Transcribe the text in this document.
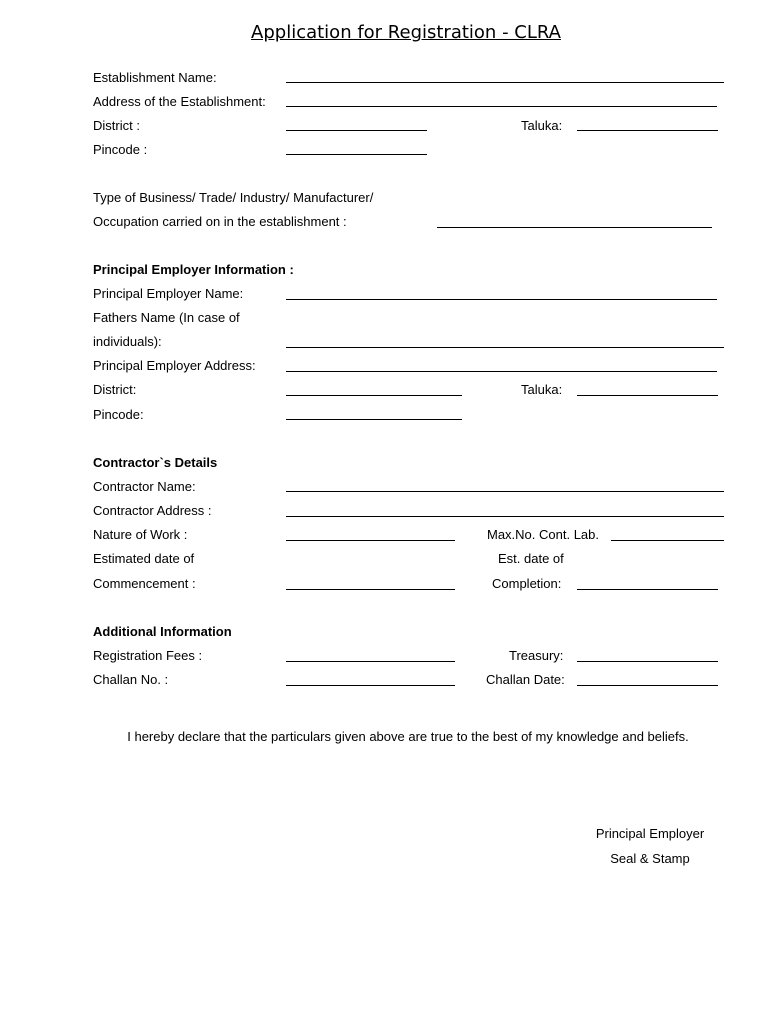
Application for Registration - CLRA
Establishment Name:
Address of the Establishment:
District :	Taluka:
Pincode :
Type of Business/ Trade/ Industry/ Manufacturer/
Occupation carried on in the establishment :
Principal Employer Information :
Principal Employer Name:
Fathers Name (In case of
individuals):
Principal Employer Address:
District:	Taluka:
Pincode:
Contractor`s Details
Contractor Name:
Contractor Address :
Nature of Work :	Max.No. Cont. Lab.
Estimated date of	Est. date of
Commencement :	Completion:
Additional Information
Registration Fees :	Treasury:
Challan No. :	Challan Date:
I hereby declare that the particulars given above are true to the best of my knowledge and beliefs.
Principal Employer
Seal & Stamp
